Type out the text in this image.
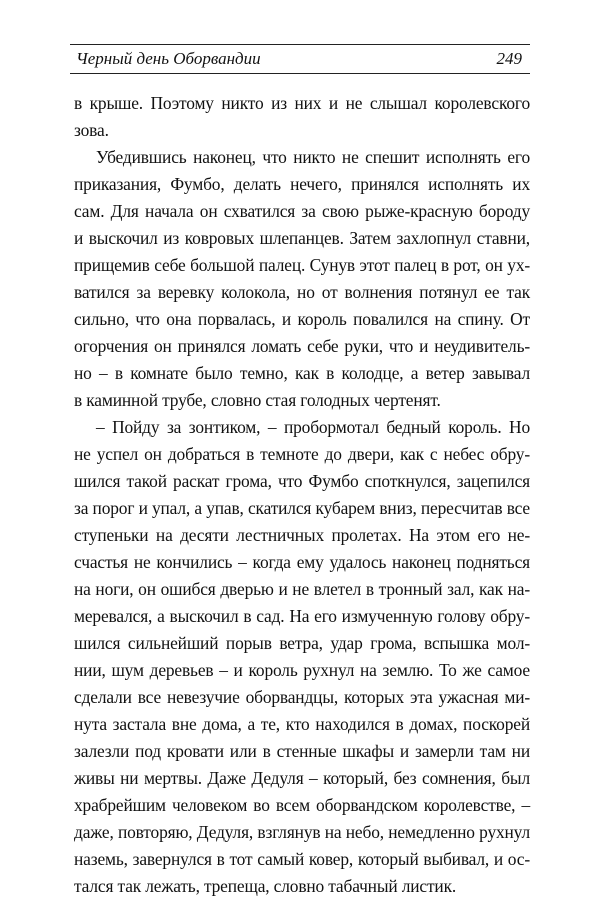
Черный день Оборвандии	249
в крыше. Поэтому никто из них и не слышал королевского
зова.
Убедившись наконец, что никто не спешит исполнять его
приказания, Фумбо, делать нечего, принялся исполнять их
сам. Для начала он схватился за свою рыже-красную бороду
и выскочил из ковровых шлепанцев. Затем захлопнул ставни,
прищемив себе большой палец. Сунув этот палец в рот, он ух-
ватился за веревку колокола, но от волнения потянул ее так
сильно, что она порвалась, и король повалился на спину. От
огорчения он принялся ломать себе руки, что и неудивитель-
но – в комнате было темно, как в колодце, а ветер завывал
в каминной трубе, словно стая голодных чертенят.
– Пойду за зонтиком, – пробормотал бедный король. Но
не успел он добраться в темноте до двери, как с небес обру-
шился такой раскат грома, что Фумбо споткнулся, зацепился
за порог и упал, а упав, скатился кубарем вниз, пересчитав все
ступеньки на десяти лестничных пролетах. На этом его не-
счастья не кончились – когда ему удалось наконец подняться
на ноги, он ошибся дверью и не влетел в тронный зал, как на-
меревался, а выскочил в сад. На его измученную голову обру-
шился сильнейший порыв ветра, удар грома, вспышка мол-
нии, шум деревьев – и король рухнул на землю. То же самое
сделали все невезучие оборвандцы, которых эта ужасная ми-
нута застала вне дома, а те, кто находился в домах, поскорей
залезли под кровати или в стенные шкафы и замерли там ни
живы ни мертвы. Даже Дедуля – который, без сомнения, был
храбрейшим человеком во всем оборвандском королевстве, –
даже, повторяю, Дедуля, взглянув на небо, немедленно рухнул
наземь, завернулся в тот самый ковер, который выбивал, и ос-
тался так лежать, трепеща, словно табачный листик.
